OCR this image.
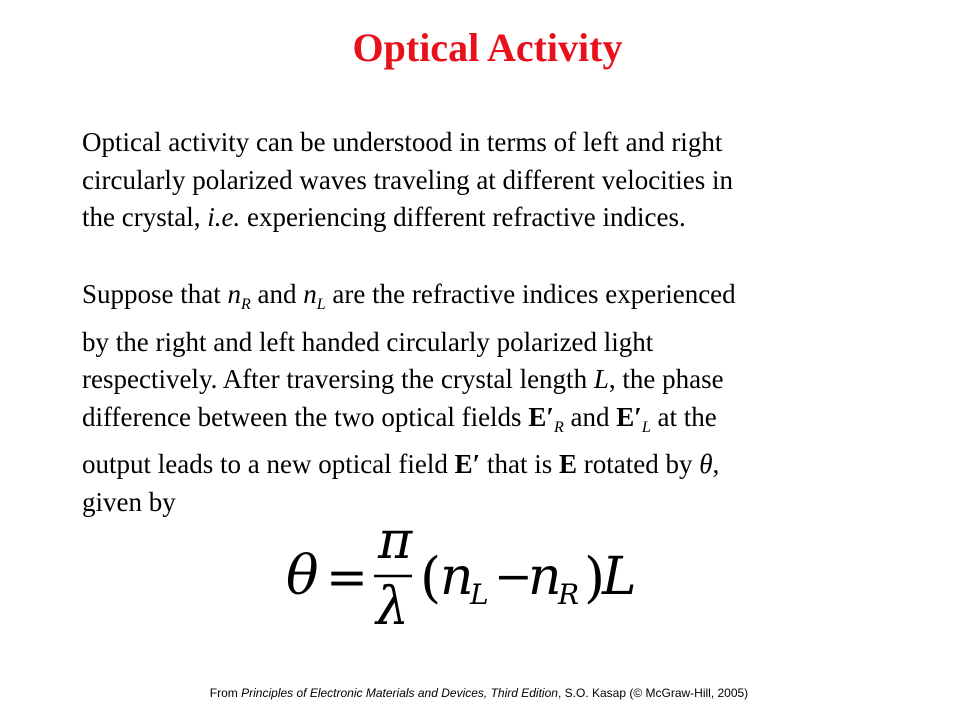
Optical Activity

Optical activity can be understood in terms of left and right
circularly polarized waves traveling at different velocities in
the crystal, i.e. experiencing different refractive indices.

Suppose that $n_R$ and $n_L$ are the refractive indices experienced
by the right and left handed circularly polarized light
respectively. After traversing the crystal length L, the phase
difference between the two optical fields $E'_R$ and $E'_L$ at the
output leads to a new optical field E′ that is E rotated by θ,
given by

θ =
π
λ (
n
L −
n
R )
L

From Principles of Electronic Materials and Devices, Third Edition, S.O. Kasap (© McGraw-Hill, 2005)
